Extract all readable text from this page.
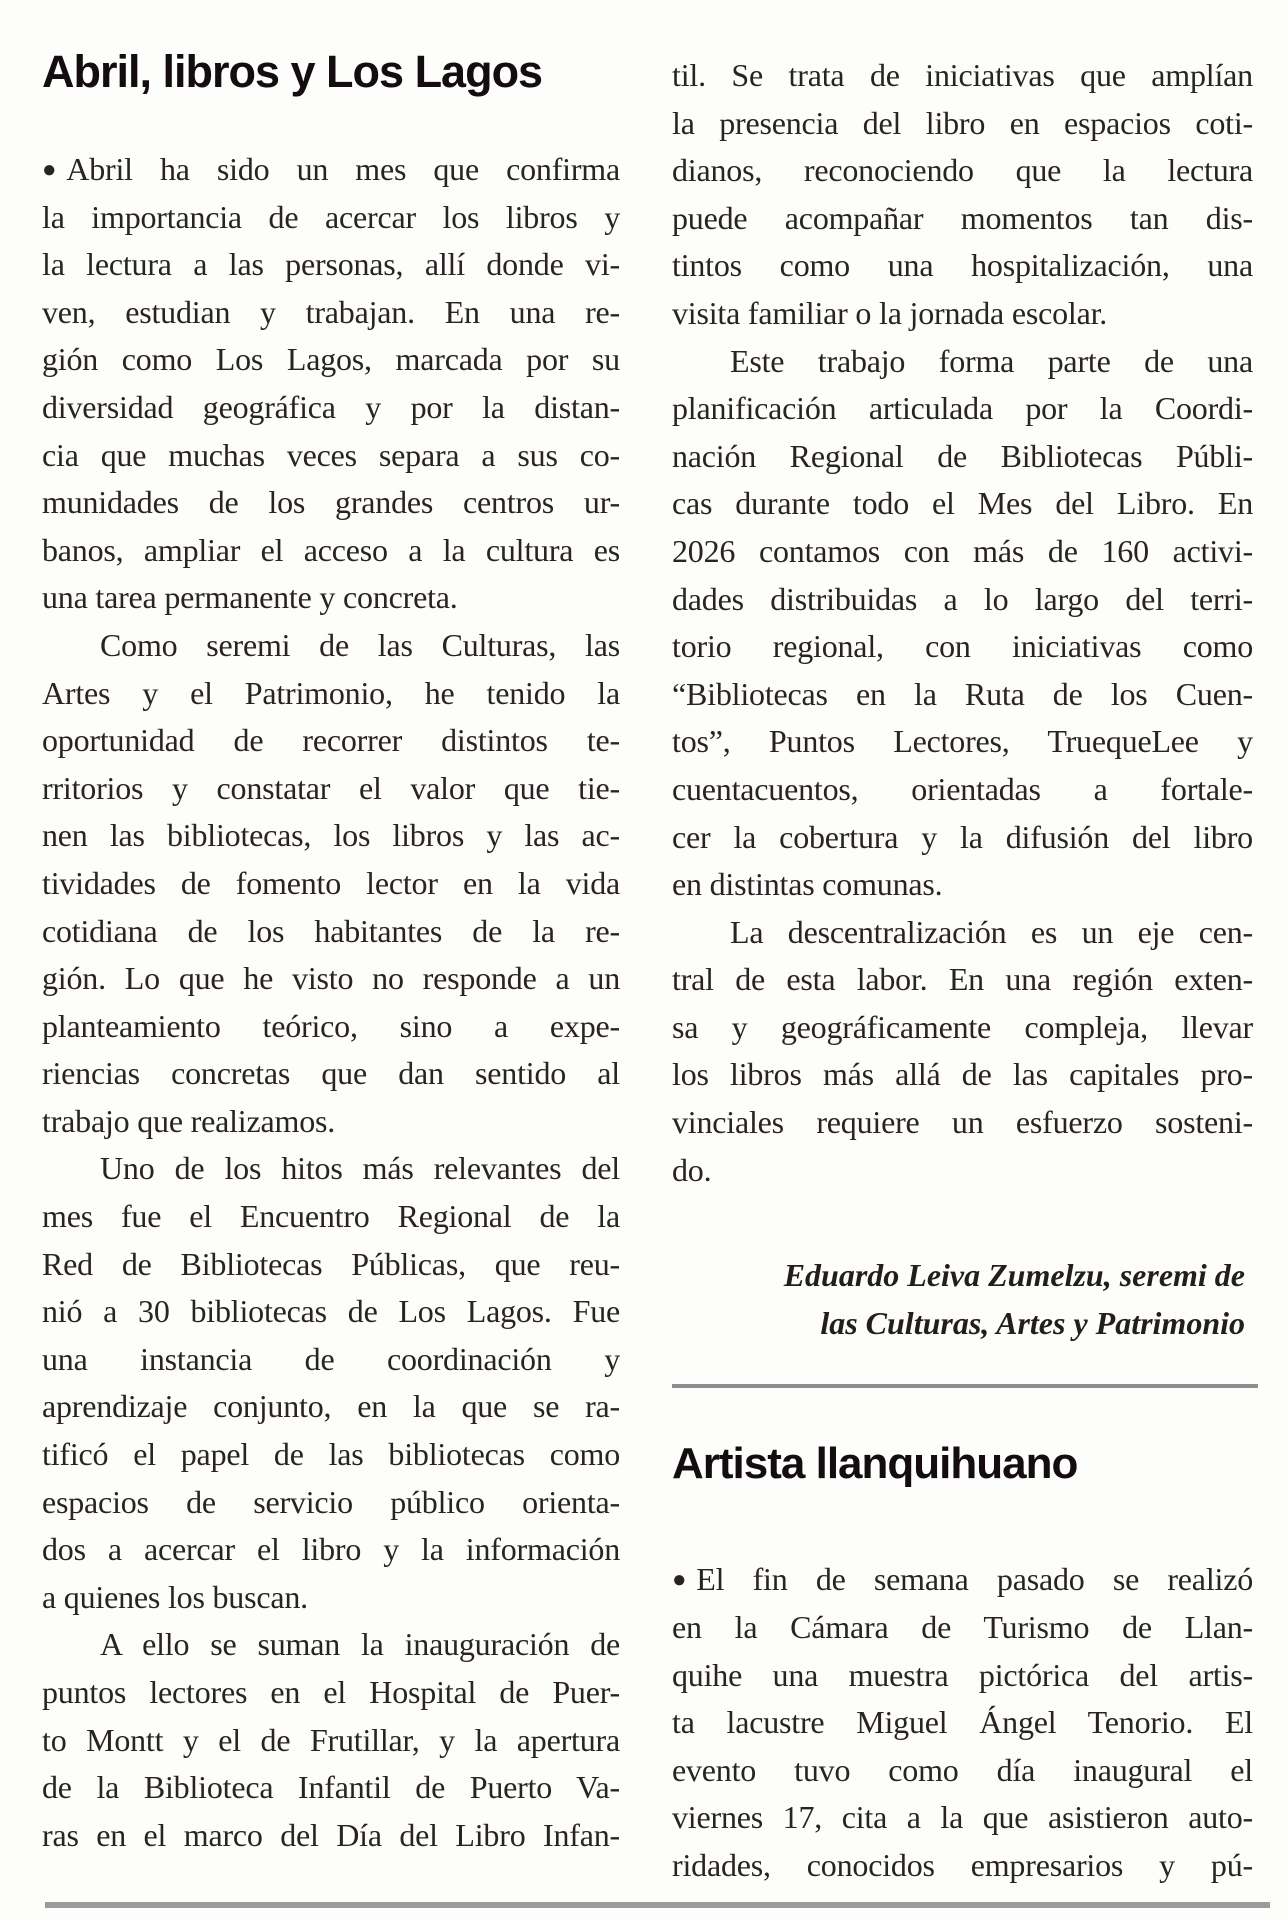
Abril, libros y Los Lagos
● Abril ha sido un mes que confirma
la importancia de acercar los libros y
la lectura a las personas, allí donde vi-
ven, estudian y trabajan. En una re-
gión como Los Lagos, marcada por su
diversidad geográfica y por la distan-
cia que muchas veces separa a sus co-
munidades de los grandes centros ur-
banos, ampliar el acceso a la cultura es
una tarea permanente y concreta.
Como seremi de las Culturas, las
Artes y el Patrimonio, he tenido la
oportunidad de recorrer distintos te-
rritorios y constatar el valor que tie-
nen las bibliotecas, los libros y las ac-
tividades de fomento lector en la vida
cotidiana de los habitantes de la re-
gión. Lo que he visto no responde a un
planteamiento teórico, sino a expe-
riencias concretas que dan sentido al
trabajo que realizamos.
Uno de los hitos más relevantes del
mes fue el Encuentro Regional de la
Red de Bibliotecas Públicas, que reu-
nió a 30 bibliotecas de Los Lagos. Fue
una instancia de coordinación y
aprendizaje conjunto, en la que se ra-
tificó el papel de las bibliotecas como
espacios de servicio público orienta-
dos a acercar el libro y la información
a quienes los buscan.
A ello se suman la inauguración de
puntos lectores en el Hospital de Puer-
to Montt y el de Frutillar, y la apertura
de la Biblioteca Infantil de Puerto Va-
ras en el marco del Día del Libro Infan-
til. Se trata de iniciativas que amplían
la presencia del libro en espacios coti-
dianos, reconociendo que la lectura
puede acompañar momentos tan dis-
tintos como una hospitalización, una
visita familiar o la jornada escolar.
Este trabajo forma parte de una
planificación articulada por la Coordi-
nación Regional de Bibliotecas Públi-
cas durante todo el Mes del Libro. En
2026 contamos con más de 160 activi-
dades distribuidas a lo largo del terri-
torio regional, con iniciativas como
“Bibliotecas en la Ruta de los Cuen-
tos”, Puntos Lectores, TruequeLee y
cuentacuentos, orientadas a fortale-
cer la cobertura y la difusión del libro
en distintas comunas.
La descentralización es un eje cen-
tral de esta labor. En una región exten-
sa y geográficamente compleja, llevar
los libros más allá de las capitales pro-
vinciales requiere un esfuerzo sosteni-
do.
Eduardo Leiva Zumelzu, seremi de
las Culturas, Artes y Patrimonio
Artista llanquihuano
● El fin de semana pasado se realizó
en la Cámara de Turismo de Llan-
quihe una muestra pictórica del artis-
ta lacustre Miguel Ángel Tenorio. El
evento tuvo como día inaugural el
viernes 17, cita a la que asistieron auto-
ridades, conocidos empresarios y pú-
